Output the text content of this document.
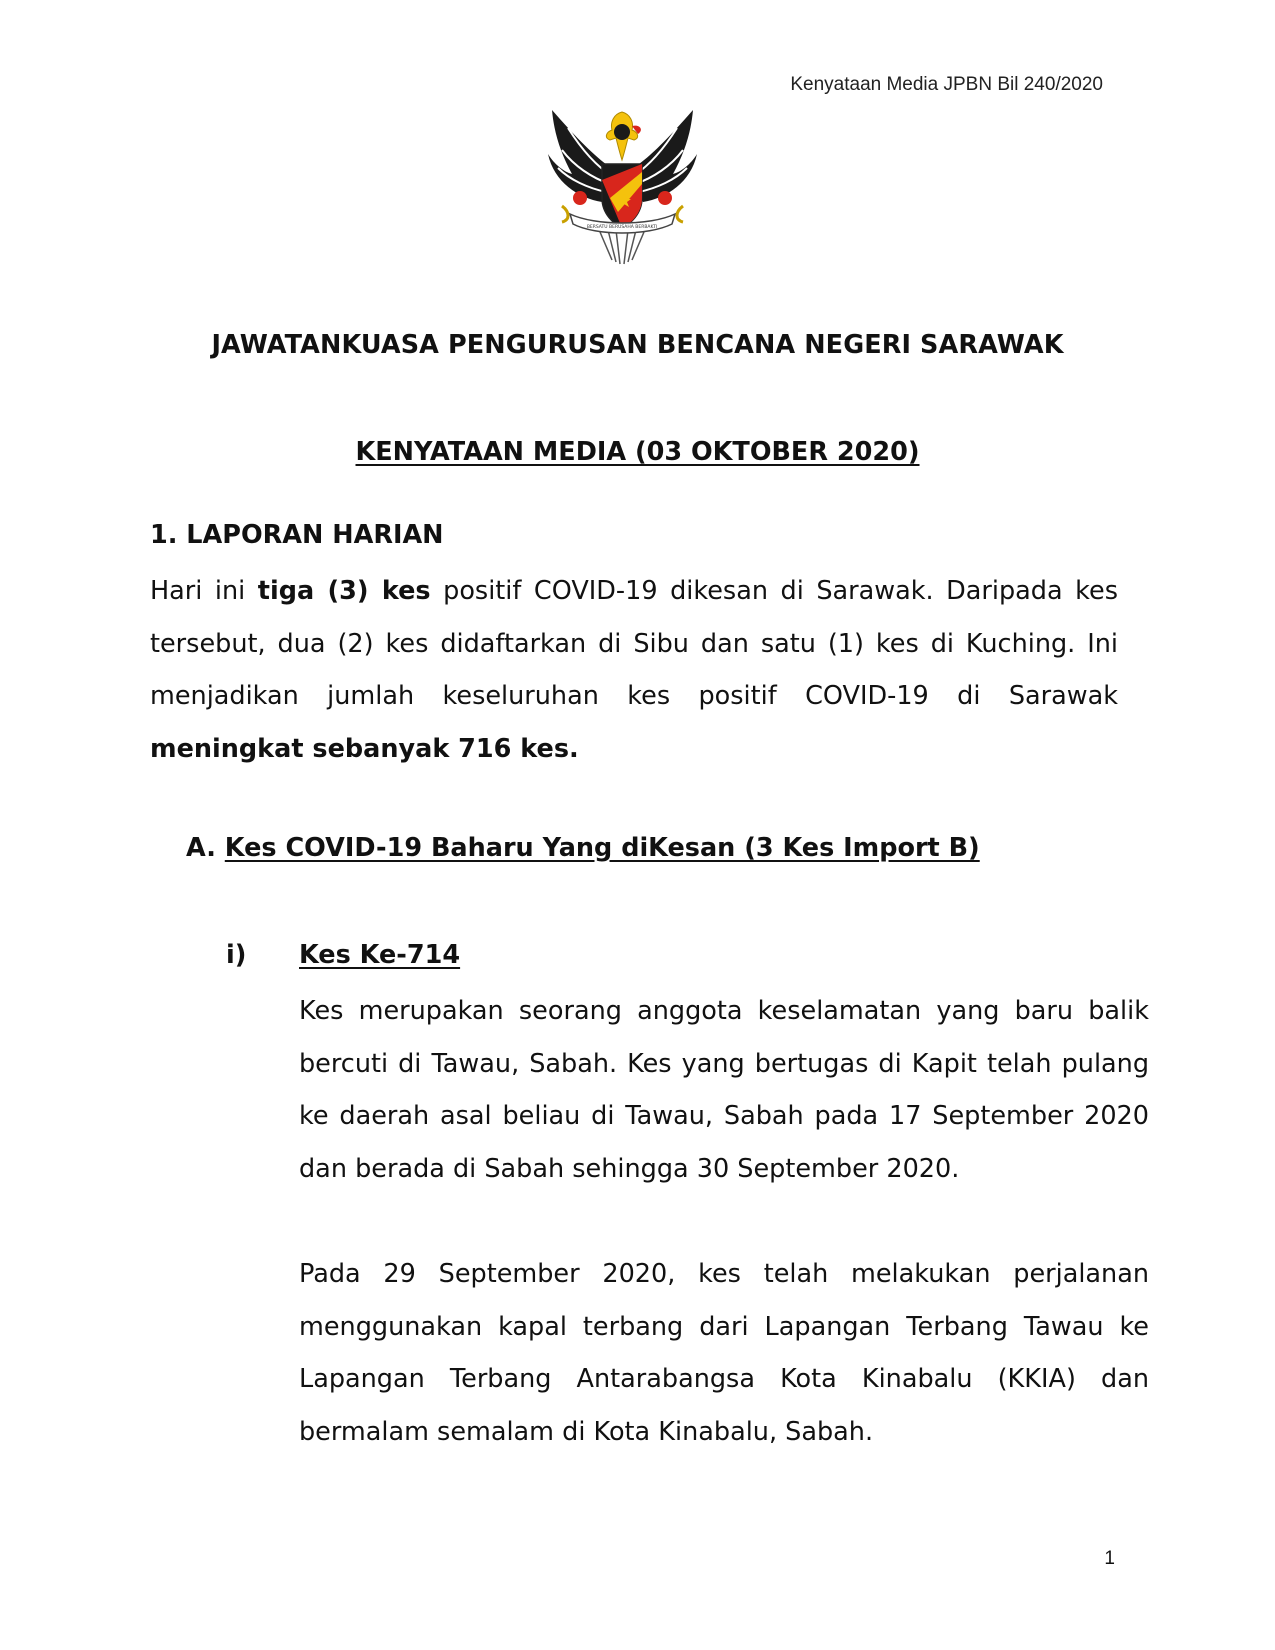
Kenyataan Media JPBN Bil 240/2020
BERSATU BERUSAHA BERBAKTI
JAWATANKUASA PENGURUSAN BENCANA NEGERI SARAWAK
KENYATAAN MEDIA (03 OKTOBER 2020)
1. LAPORAN HARIAN
Hari ini tiga (3) kes positif COVID-19 dikesan di Sarawak. Daripada kes tersebut, dua (2) kes didaftarkan di Sibu dan satu (1) kes di Kuching. Ini menjadikan jumlah keseluruhan kes positif COVID-19 di Sarawak meningkat sebanyak 716 kes.
A. Kes COVID-19 Baharu Yang diKesan (3 Kes Import B)
i) Kes Ke-714
Kes merupakan seorang anggota keselamatan yang baru balik bercuti di Tawau, Sabah. Kes yang bertugas di Kapit telah pulang ke daerah asal beliau di Tawau, Sabah pada 17 September 2020 dan berada di Sabah sehingga 30 September 2020.
Pada 29 September 2020, kes telah melakukan perjalanan menggunakan kapal terbang dari Lapangan Terbang Tawau ke Lapangan Terbang Antarabangsa Kota Kinabalu (KKIA) dan bermalam semalam di Kota Kinabalu, Sabah.
1
